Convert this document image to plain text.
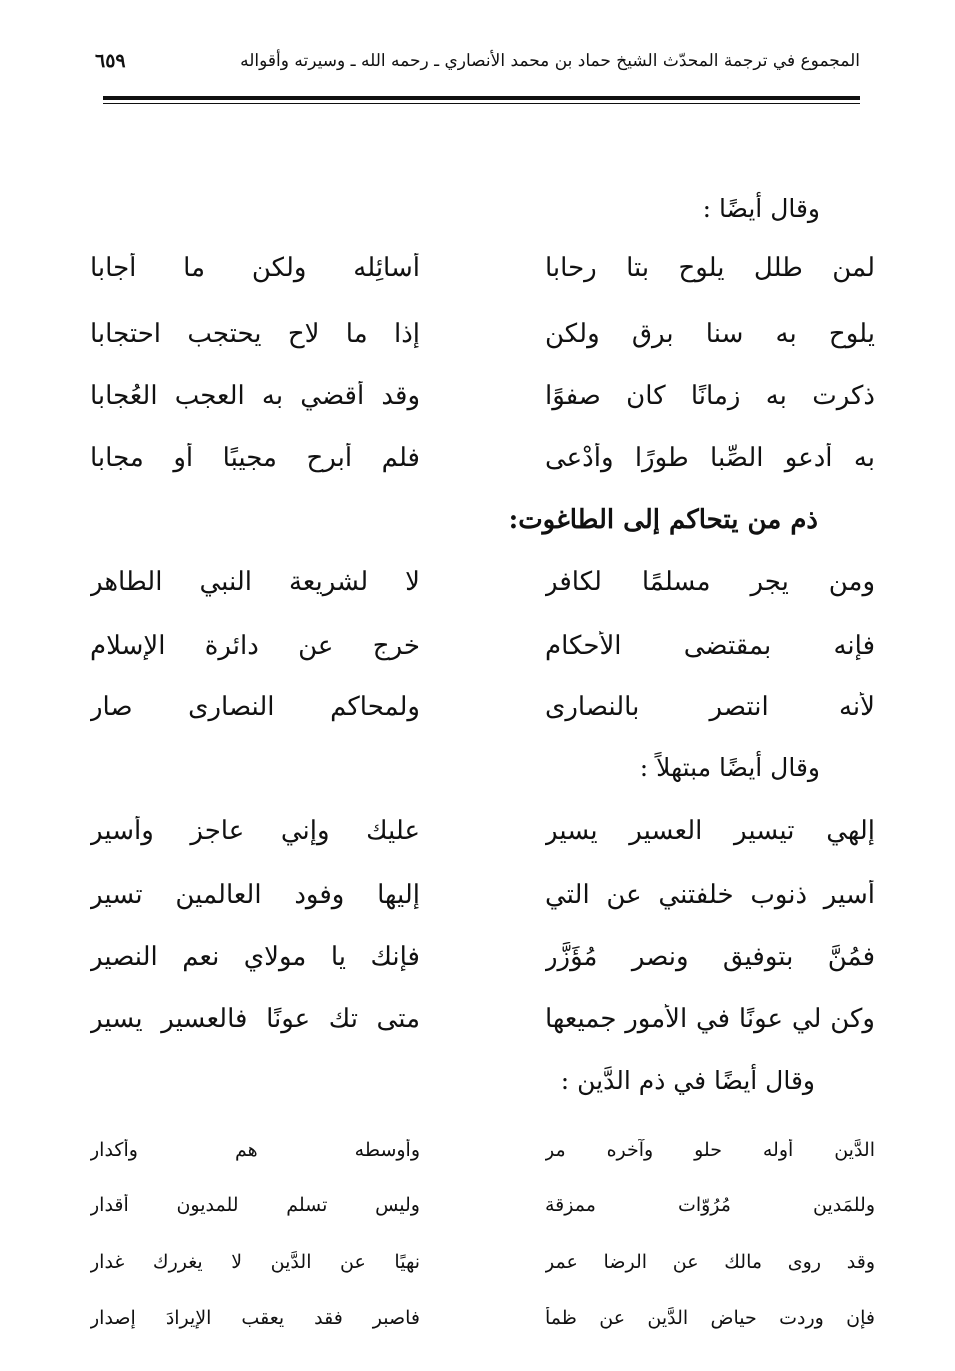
المجموع في ترجمة المحدّث الشيخ حماد بن محمد الأنصاري ـ رحمه الله ـ وسيرته وأقواله
٦٥٩
وقال أيضًا :
لمن طلل يلوح بتا رحابا
أسائِله ولكن ما أجابا
يلوح به سنا برق ولكن
إذا ما لاح يحتجب احتجابا
ذكرت به زمانًا كان صفوًا
وقد أقضي به العجب العُجابا
به أدعو الصِّبا طورًا وأدْعى
فلم أبرح مجيبًا أو مجابا
ذم من يتحاكم إلى الطاغوت:
ومن يجر مسلمًا لكافر
لا لشريعة النبي الطاهر
فإنه بمقتضى الأحكام
خرج عن دائرة الإسلام
لأنه انتصر بالنصارى
ولمحاكم النصارى صار
وقال أيضًا مبتهلاً :
إلهي تيسير العسير يسير
عليك وإني عاجز وأسير
أسير ذنوب خلفتني عن التي
إليها وفود العالمين تسير
فمُنَّ بتوفيق ونصر مُؤَزَّر
فإنك يا مولاي نعم النصير
وكن لي عونًا في الأمور جميعها
متى تك عونًا فالعسير يسير
وقال أيضًا في ذم الدَّين :
الدَّين أوله حلو وآخره مر
وأوسطه هم وأكدار
وللمَدين مُرُوّات ممزقة
وليس تسلم للمديون أقدار
وقد روى مالك عن الرضا عمر
نهيًا عن الدَّين لا يغررك غدار
فإن وردت حياض الدَّين عن ظمأ
فاصبر فقد يعقب الإيرادَ إصدار
